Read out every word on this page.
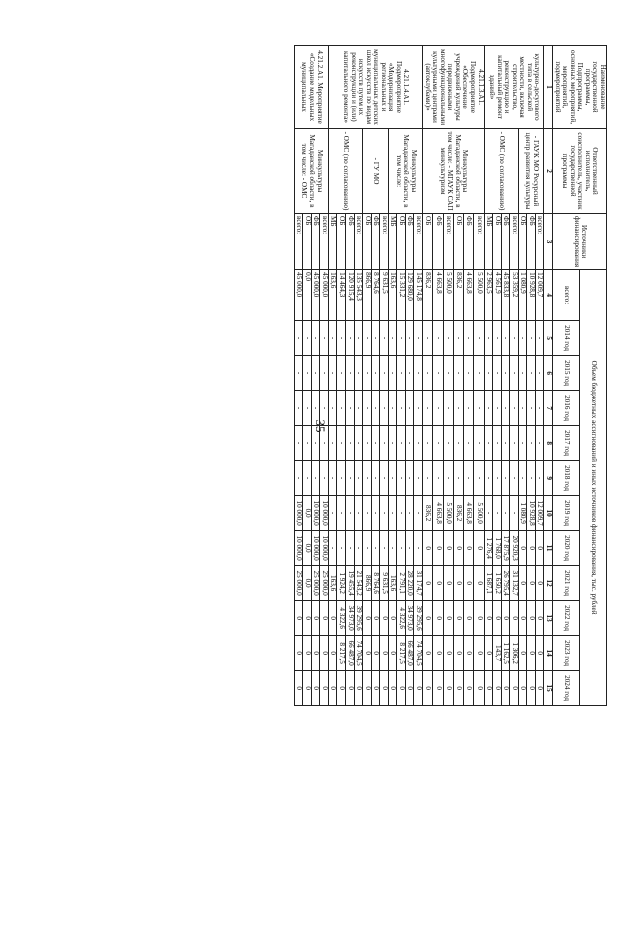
35
Наименование государственной программы, Подпрограммы, основных мероприятий, мероприятий, подмероприятий	Ответственный исполнитель, соисполнитель, участник государственной программы	Источники финансирования	Объем бюджетных ассигнований и иных источников финансирования, тыс. рублей											
			всего:	2014 год	2015 год	2016 год	2017 год	2018 год	2019 год	2020 год	2021 год	2022 год	2023 год	2024 год
1	2	3	4	5	6	7	8	9	10	11	12	13	14	15
культурно-досугового типа в сельской местности, включая строительство, реконструкцию и капитальный ремонт зданий»	- ГАУК МО Ресурсный центр развития культуры	всего:	12 009,7	-	-	-	-	-	12 009,7	0	0	0	0	0
		ФБ	10 928,8	-	-	-	-	-	10 928,8	0	0	0	0	0
		ОБ	1 080,9	-	-	-	-	-	1 080,9	0	0	0	0	0
	- ОМС (по согласованию)	всего:	53 359,2	-	-	-	-	-	-	20 920,3	31 132,7	0	1 306,2	0
		ФБ	45 833,8	-	-	-	-	-	-	17 875,9	26 795,4	0	1 162,5	0
		ОБ	4 561,9	-	-	-	-	-	-	1 768,0	1 650,2	0	143,7	0
		МБ	2 963,5	-	-	-	-	-	-	1 276,4	1 687,1	0	0	0
4.21.1.3.А1. Подмероприятие «Обеспечение учреждений культуры передвижными многофункциональными культурными центрами (автоклубами)»	Минкультуры Магаданской области, в том числе: - МГАУК САП минкультуризм	всего:	5 500,0	-	-	-	-	-	5 500,0	0	0	0	0	0
		ФБ	4 663,8	-	-	-	-	-	4 663,8	0	0	0	0	0
		ОБ	836,2	-	-	-	-	-	836,2	0	0	0	0	0
		всего:	5 500,0	-	-	-	-	-	5 500,0	0	0	0	0	0
		ФБ	4 663,8	-	-	-	-	-	4 663,8	0	0	0	0	0
		ОБ	836,2	-	-	-	-	-	836,2	0	0	0	0	0
4.21.1.4.А1. Подмероприятие «Модернизация региональных и муниципальных детских школ искусств по видам искусств путем их реконструкции и (или) капитального ремонта»	Минкультуры Магаданской области, в том числе:	всего:	145 174,8	-	-	-	-	-	-	-	31 174,7	39 295,6	74 704,5	0
		ФБ	129 680,0	-	-	-	-	-	-	-	28 220,0	34 973,0	66 487,0	0
		ОБ	15 331,2	-	-	-	-	-	-	-	2 791,1	4 322,6	8 217,5	0
		МБ	163,6	-	-	-	-	-	-	-	163,6	0	0	0
	- ГУ МО	всего:	9 631,5	-	-	-	-	-	-	-	9 631,5	0	0	0
		ФБ	8 764,6	-	-	-	-	-	-	-	8 764,6	0	0	0
		ОБ	866,9	-	-	-	-	-	-	-	866,9	0	0	0
	- ОМС (по согласованию)	всего:	135 543,3	-	-	-	-	-	-	-	21 543,2	39 295,6	74 704,5	0
		ФБ	120 915,4	-	-	-	-	-	-	-	19 455,4	34 973,0	66 487,0	0
		ОБ	14 464,3	-	-	-	-	-	-	-	1 924,2	4 322,6	8 217,5	0
		МБ	163,6	-	-	-	-	-	-	-	163,6	0	0	0
4.21.2.А1. Мероприятие «Создание модельных муниципальных	Минкультуры Магаданской области, в том числе: - ОМС	всего:	45 000,0	-	-	-	-	-	10 000,0	10 000,0	25 000,0	0	0	0
		ФБ	45 000,0	-	-	-	-	-	10 000,0	10 000,0	25 000,0	0	0	0
		ОБ	0,0	-	-	-	-	-	0,0	0,0	0,0	0	0	0
		всего:	45 000,0	-	-	-	-	-	10 000,0	10 000,0	25 000,0	0	0	0
